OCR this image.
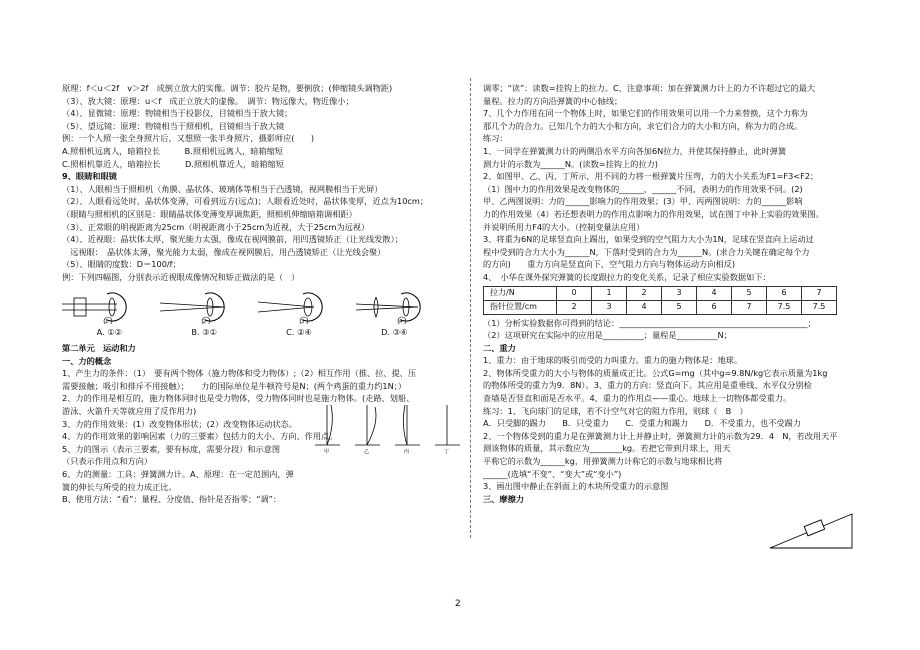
原理：f＜u＜2f　v＞2f　成倒立放大的实像。调节：胶片是物，要倒放；(伸缩镜头调物距)
（3）、放大镜：原理：u＜f　成正立放大的虚像。　调节：物远像大，物近像小；
（4）、显微镜：原理：物镜相当于投影仪，目镜相当于放大镜；
（5）、望远镜：原理：物镜相当于照相机，目镜相当于放大镜
例：一个人照一张全身照片后，又想照一张半身照片，摄影师应(　　)
A.照相机远离人，暗箱拉长　　　B.照相机远离人，暗箱缩短
C.照相机靠近人，暗箱拉长　　　D.照相机靠近人，暗箱缩短
9、眼睛和眼镜
（1）、人眼相当于照相机（角膜、晶状体、玻璃体等相当于凸透镜，视网膜相当于光屏）
（2）、人眼看远处时，晶状体变薄，可看到远方(远点)；人眼看近处时，晶状体变厚，近点为10cm；
（眼睛与照相机的区别是：眼睛晶状体变薄变厚调焦距，照相机伸缩暗箱调相距）
（3）、正常眼的明视距离为25cm（明视距离小于25cm为近视，大于25cm为远视）
（4）、近视眼：晶状体太厚，聚光能力太强，像成在视网膜前，用凹透镜矫正（让光线发散）；
　远视眼：　晶状体太薄，聚光能力太弱，像成在视网膜后，用凸透镜矫正（让光线会聚）
（5）、眼睛的度数：D＝100/f；
例：下列四幅图，分别表示近视眼成像情况和矫正做法的是（　）
1	2	3	4
A. ①②	B. ③①	C. ②④	D. ③④
第二单元　运动和力
一、力的概念
1、产生力的条件：（1）　要有两个物体（施力物体和受力物体）;（2）相互作用（推、拉、提、压
需要接触；吸引和排斥不用接触）；　　力的国际单位是牛顿符号是N；(两个鸡蛋的重力约1N；）
2、力的作用是相互的，施力物体同时也是受力物体，受力物体同时也是施力物体。(走路、划船、
游泳、火箭升天等就应用了反作用力)
3、力的作用效果：(1）改变物体形状；(2）改变物体运动状态。
4、力的作用效果的影响因素（力的三要素）包括力的大小、方向、作用点。
5、力的图示（表示三要素，要有标度，需要分段）和示意图
（只表示作用点和方向）
6、力的测量：工具：弹簧测力计。A、原理：在一定范围内，弹
簧的伸长与所受的拉力成正比。
B、使用方法：“看”：量程、分度值、指针是否指零；“调”：
甲	乙	丙	丁
调零；“读”：读数=挂钩上的拉力。C、注意事项：加在弹簧测力计上的力不许超过它的最大
量程。拉力的方向沿弹簧的中心轴线；
7、几个力作用在同一个物体上时，如果它们的作用效果可以用一个力来替换，这个力称为
那几个力的合力。已知几个力的大小和方向，求它们合力的大小和方向，称为力的合成。
练习：
1、一同学在弹簧测力计的两侧沿水平方向各加6N拉力，并使其保持静止，此时弹簧
测力计的示数为______N。(读数=挂钩上的拉力)
2、如图甲、乙、丙、丁所示，用不同的力将一根弹簧片压弯，力的大小关系为F1=F3<F2；
（1）图中力的作用效果是改变物体的______，______不同，表明力的作用效果不同。(2)
甲、乙两图说明：力的______影响力的作用效果；(3）甲、丙两图说明：力的______影响
力的作用效果（4）若还想表明力的作用点影响力的作用效果，试在图丁中补上实验的效果图。
并说明所用力F4的大小。（控制变量法应用）
3、将重为6N的足球竖直向上踢出，如果受到的空气阻力大小为1N，足球在竖直向上运动过
程中受到的合力大小为______N，下落时受到的合力为______N。(求合力关键在确定每个力
的方向)　　重力方向是竖直向下，空气阻力方向与物体运动方向相反)
4、　小华在课外探究弹簧的长度跟拉力的变化关系，记录了相应实验数据如下：
拉力/N	0	1	2	3	4	5	6	7
指针位置/cm	2	3	4	5	6	7	7.5	7.5
（1）分析实验数据你可得到的结论：______________________________________________；
（2）这项研究在实际中的应用是__________；量程是__________N；
二、重力
1、重力：由于地球的吸引而受的力叫重力。重力的施力物体是：地球。
2、物体所受重力的大小与物体的质量成正比。公式G=mg（其中g=9.8N/kg它表示质量为1kg
的物体所受的重力为9．8N）。3、重力的方向：竖直向下。其应用是重垂线、水平仪分别检
查墙是否竖直和面是否水平。4、重力的作用点——重心。地球上一切物体都受重力。
练习：1、飞向球门的足球，若不计空气对它的阻力作用，则球（　B　）
A．只受脚的踢力　　B．只受重力　　C．受重力和踢力　　D．不受重力，也不受踢力
2、一个物体受到的重力是在弹簧测力计上并静止时，弹簧测力计的示数为29．4　N，若改用天平
测该物体的质量，其示数应为________kg。若把它带到月球上，用天
平称它的示数为______kg，用弹簧测力计称它的示数与地球相比将
______(选填“不变”、“变大”或“变小”)
3、画出图中静止在斜面上的木块所受重力的示意图
三、摩擦力
2
